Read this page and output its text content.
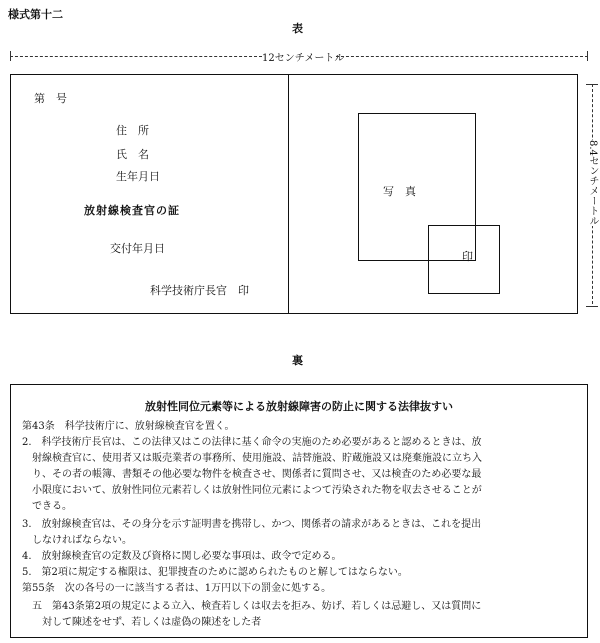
様式第十二
表
12センチメートル
第　号
住　所
氏　名
生年月日
放射線検査官の証
交付年月日
科学技術庁長官　印
写　真
印
8.4センチメートル
裏
放射性同位元素等による放射線障害の防止に関する法律抜すい
第43条　科学技術庁に、放射線検査官を置く。
2.　科学技術庁長官は、この法律又はこの法律に基く命令の実施のため必要があると認めるときは、放
　射線検査官に、使用者又は販売業者の事務所、使用施設、詰替施設、貯蔵施設又は廃棄施設に立ち入
　り、その者の帳簿、書類その他必要な物件を検査させ、関係者に質問させ、又は検査のため必要な最
　小限度において、放射性同位元素若しくは放射性同位元素によつて汚染された物を収去させることが
　できる。
3.　放射線検査官は、その身分を示す証明書を携帯し、かつ、関係者の請求があるときは、これを提出
　しなければならない。
4.　放射線検査官の定数及び資格に関し必要な事項は、政令で定める。
5.　第2項に規定する権限は、犯罪捜査のために認められたものと解してはならない。
第55条　次の各号の一に該当する者は、1万円以下の罰金に処する。
　五　第43条第2項の規定による立入、検査若しくは収去を拒み、妨げ、若しくは忌避し、又は質問に
　　対して陳述をせず、若しくは虚偽の陳述をした者
